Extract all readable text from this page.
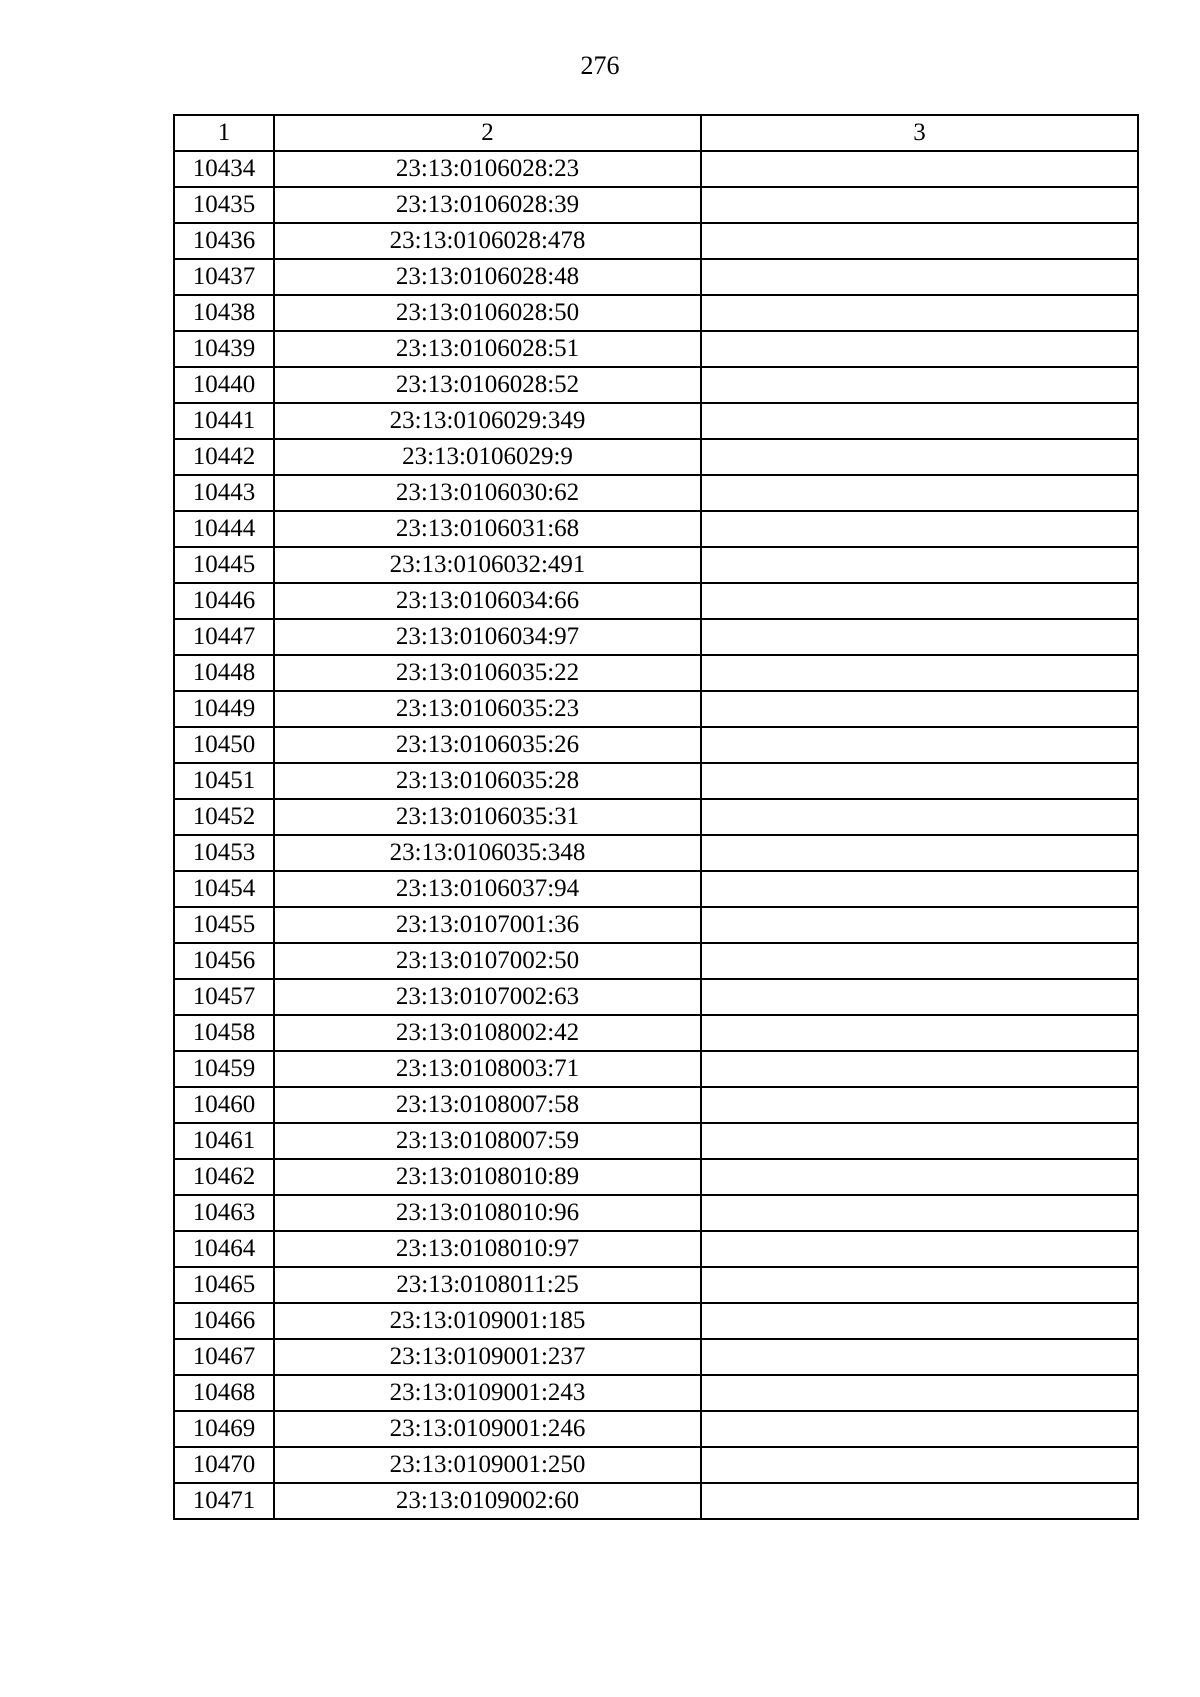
276
1	2	3
10434	23:13:0106028:23	
10435	23:13:0106028:39	
10436	23:13:0106028:478	
10437	23:13:0106028:48	
10438	23:13:0106028:50	
10439	23:13:0106028:51	
10440	23:13:0106028:52	
10441	23:13:0106029:349	
10442	23:13:0106029:9	
10443	23:13:0106030:62	
10444	23:13:0106031:68	
10445	23:13:0106032:491	
10446	23:13:0106034:66	
10447	23:13:0106034:97	
10448	23:13:0106035:22	
10449	23:13:0106035:23	
10450	23:13:0106035:26	
10451	23:13:0106035:28	
10452	23:13:0106035:31	
10453	23:13:0106035:348	
10454	23:13:0106037:94	
10455	23:13:0107001:36	
10456	23:13:0107002:50	
10457	23:13:0107002:63	
10458	23:13:0108002:42	
10459	23:13:0108003:71	
10460	23:13:0108007:58	
10461	23:13:0108007:59	
10462	23:13:0108010:89	
10463	23:13:0108010:96	
10464	23:13:0108010:97	
10465	23:13:0108011:25	
10466	23:13:0109001:185	
10467	23:13:0109001:237	
10468	23:13:0109001:243	
10469	23:13:0109001:246	
10470	23:13:0109001:250	
10471	23:13:0109002:60	
